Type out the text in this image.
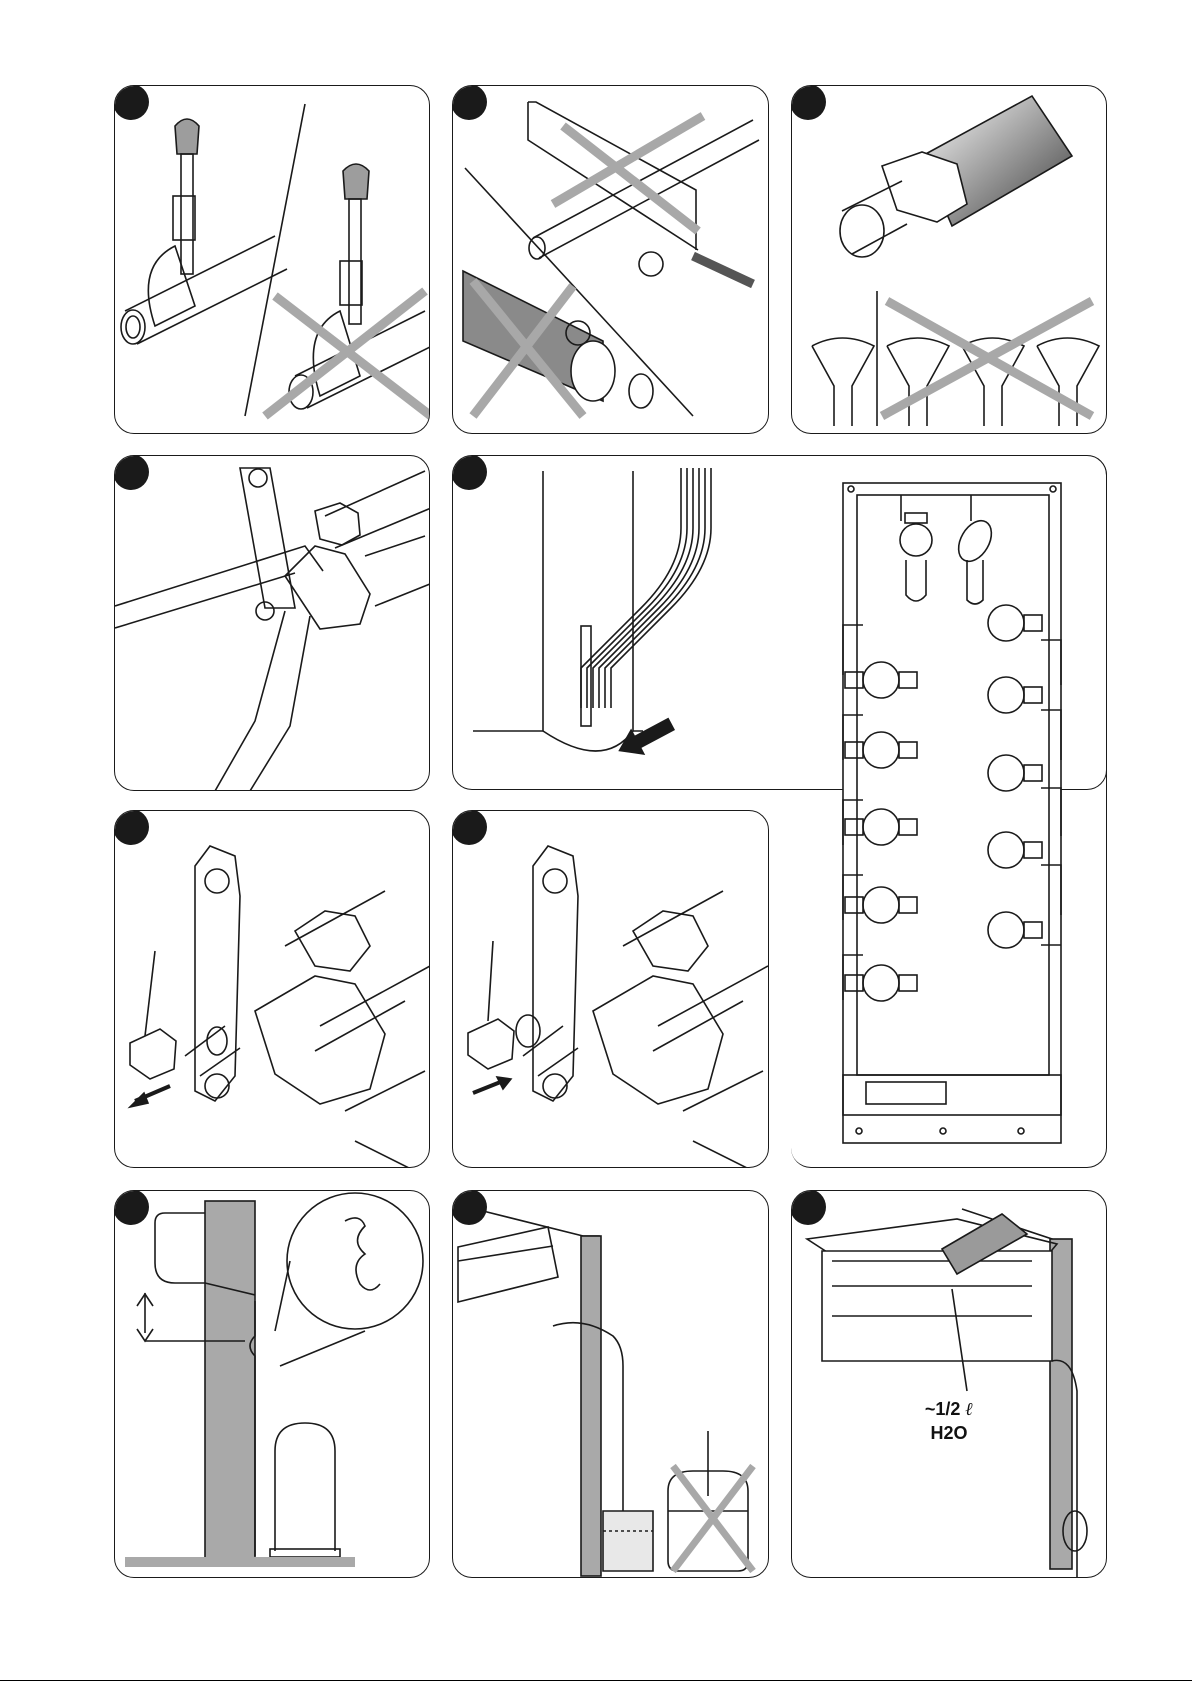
~1/2 ℓ
H2O
